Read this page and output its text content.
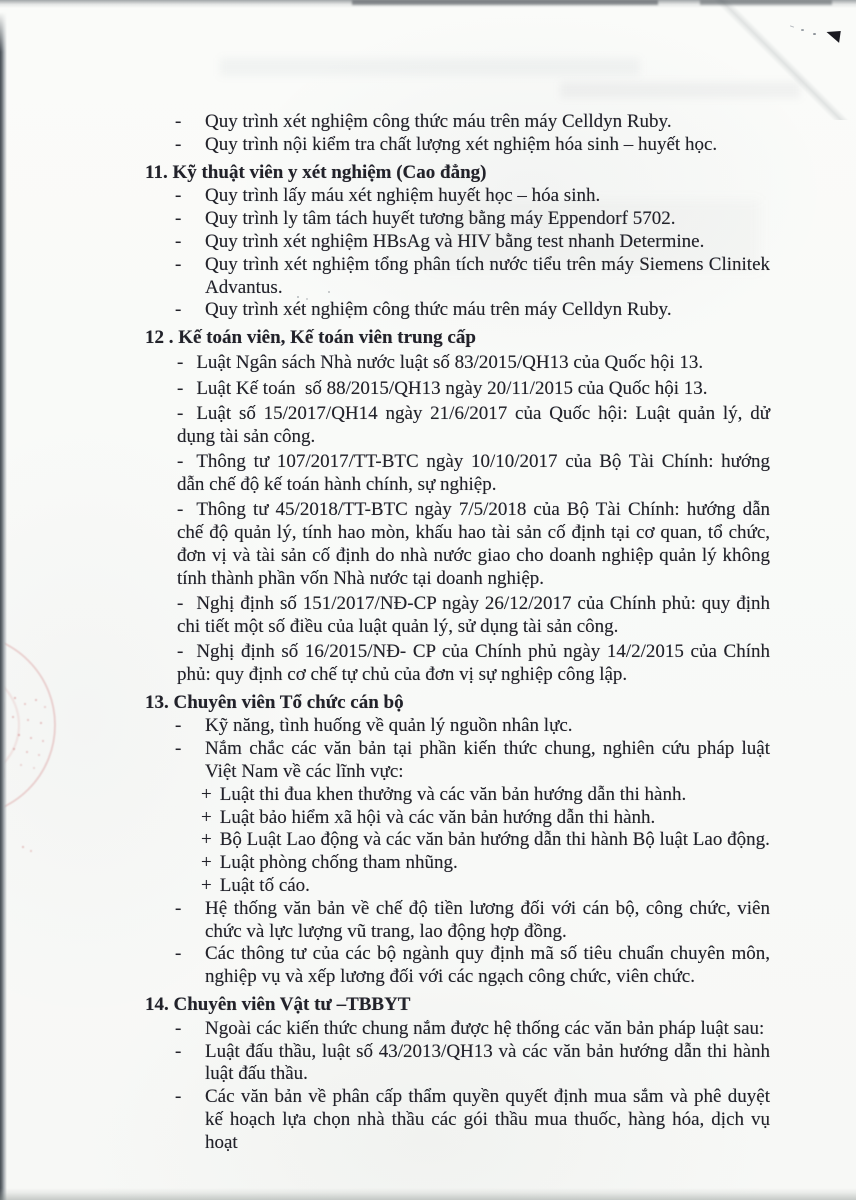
- Quy trình xét nghiệm công thức máu trên máy Celldyn Ruby.

- Quy trình nội kiểm tra chất lượng xét nghiệm hóa sinh – huyết học.

11. Kỹ thuật viên y xét nghiệm (Cao đẳng)

- Quy trình lấy máu xét nghiệm huyết học – hóa sinh.

- Quy trình ly tâm tách huyết tương bằng máy Eppendorf 5702.

- Quy trình xét nghiệm HBsAg và HIV bằng test nhanh Determine.

- Quy trình xét nghiệm tổng phân tích nước tiểu trên máy Siemens Clinitek Advantus.

- Quy trình xét nghiệm công thức máu trên máy Celldyn Ruby.

12 . Kế toán viên, Kế toán viên trung cấp

- Luật Ngân sách Nhà nước luật số 83/2015/QH13 của Quốc hội 13.

- Luật Kế toán  số 88/2015/QH13 ngày 20/11/2015 của Quốc hội 13.

- Luật số 15/2017/QH14 ngày 21/6/2017 của Quốc hội: Luật quản lý, dử dụng tài sản công.

- Thông tư 107/2017/TT-BTC ngày 10/10/2017 của Bộ Tài Chính: hướng dẫn chế độ kế toán hành chính, sự nghiệp.

- Thông tư 45/2018/TT-BTC ngày 7/5/2018 của Bộ Tài Chính: hướng dẫn chế độ quản lý, tính hao mòn, khấu hao tài sản cố định tại cơ quan, tổ chức, đơn vị và tài sản cố định do nhà nước giao cho doanh nghiệp quản lý không tính thành phần vốn Nhà nước tại doanh nghiệp.

- Nghị định số 151/2017/NĐ-CP ngày 26/12/2017 của Chính phủ: quy định chi tiết một số điều của luật quản lý, sử dụng tài sản công.

- Nghị định số 16/2015/NĐ- CP của Chính phủ ngày 14/2/2015 của Chính phủ: quy định cơ chế tự chủ của đơn vị sự nghiệp công lập.

13. Chuyên viên Tổ chức cán bộ

- Kỹ năng, tình huống về quản lý nguồn nhân lực.

- Nắm chắc các văn bản tại phần kiến thức chung, nghiên cứu pháp luật Việt Nam về các lĩnh vực:

+ Luật thi đua khen thưởng và các văn bản hướng dẫn thi hành.

+ Luật bảo hiểm xã hội và các văn bản hướng dẫn thi hành.

+ Bộ Luật Lao động và các văn bản hướng dẫn thi hành Bộ luật Lao động.

+ Luật phòng chống tham nhũng.

+ Luật tố cáo.

- Hệ thống văn bản về chế độ tiền lương đối với cán bộ, công chức, viên chức và lực lượng vũ trang, lao động hợp đồng.

- Các thông tư của các bộ ngành quy định mã số tiêu chuẩn chuyên môn, nghiệp vụ và xếp lương đối với các ngạch công chức, viên chức.

14. Chuyên viên Vật tư –TBBYT

- Ngoài các kiến thức chung nắm được hệ thống các văn bản pháp luật sau:

- Luật đấu thầu, luật số 43/2013/QH13 và các văn bản hướng dẫn thi hành luật đấu thầu.

- Các văn bản về phân cấp thẩm quyền quyết định mua sắm và phê duyệt kế hoạch lựa chọn nhà thầu các gói thầu mua thuốc, hàng hóa, dịch vụ hoạt
